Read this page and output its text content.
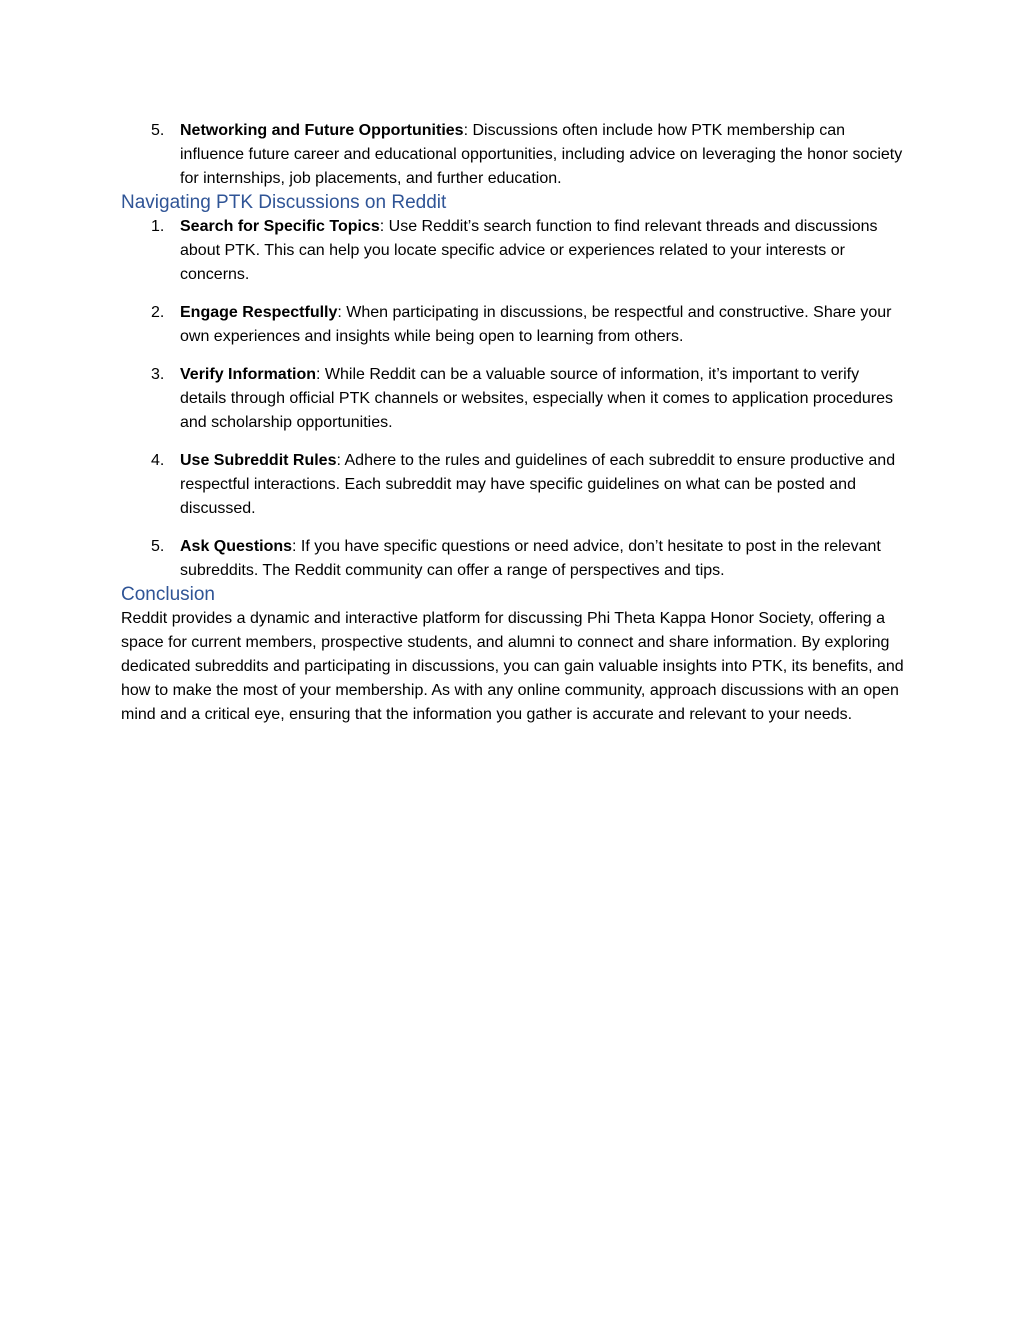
5. Networking and Future Opportunities: Discussions often include how PTK membership can influence future career and educational opportunities, including advice on leveraging the honor society for internships, job placements, and further education.
Navigating PTK Discussions on Reddit
1. Search for Specific Topics: Use Reddit’s search function to find relevant threads and discussions about PTK. This can help you locate specific advice or experiences related to your interests or concerns.
2. Engage Respectfully: When participating in discussions, be respectful and constructive. Share your own experiences and insights while being open to learning from others.
3. Verify Information: While Reddit can be a valuable source of information, it’s important to verify details through official PTK channels or websites, especially when it comes to application procedures and scholarship opportunities.
4. Use Subreddit Rules: Adhere to the rules and guidelines of each subreddit to ensure productive and respectful interactions. Each subreddit may have specific guidelines on what can be posted and discussed.
5. Ask Questions: If you have specific questions or need advice, don’t hesitate to post in the relevant subreddits. The Reddit community can offer a range of perspectives and tips.
Conclusion

Reddit provides a dynamic and interactive platform for discussing Phi Theta Kappa Honor Society, offering a space for current members, prospective students, and alumni to connect and share information. By exploring dedicated subreddits and participating in discussions, you can gain valuable insights into PTK, its benefits, and how to make the most of your membership. As with any online community, approach discussions with an open mind and a critical eye, ensuring that the information you gather is accurate and relevant to your needs.
